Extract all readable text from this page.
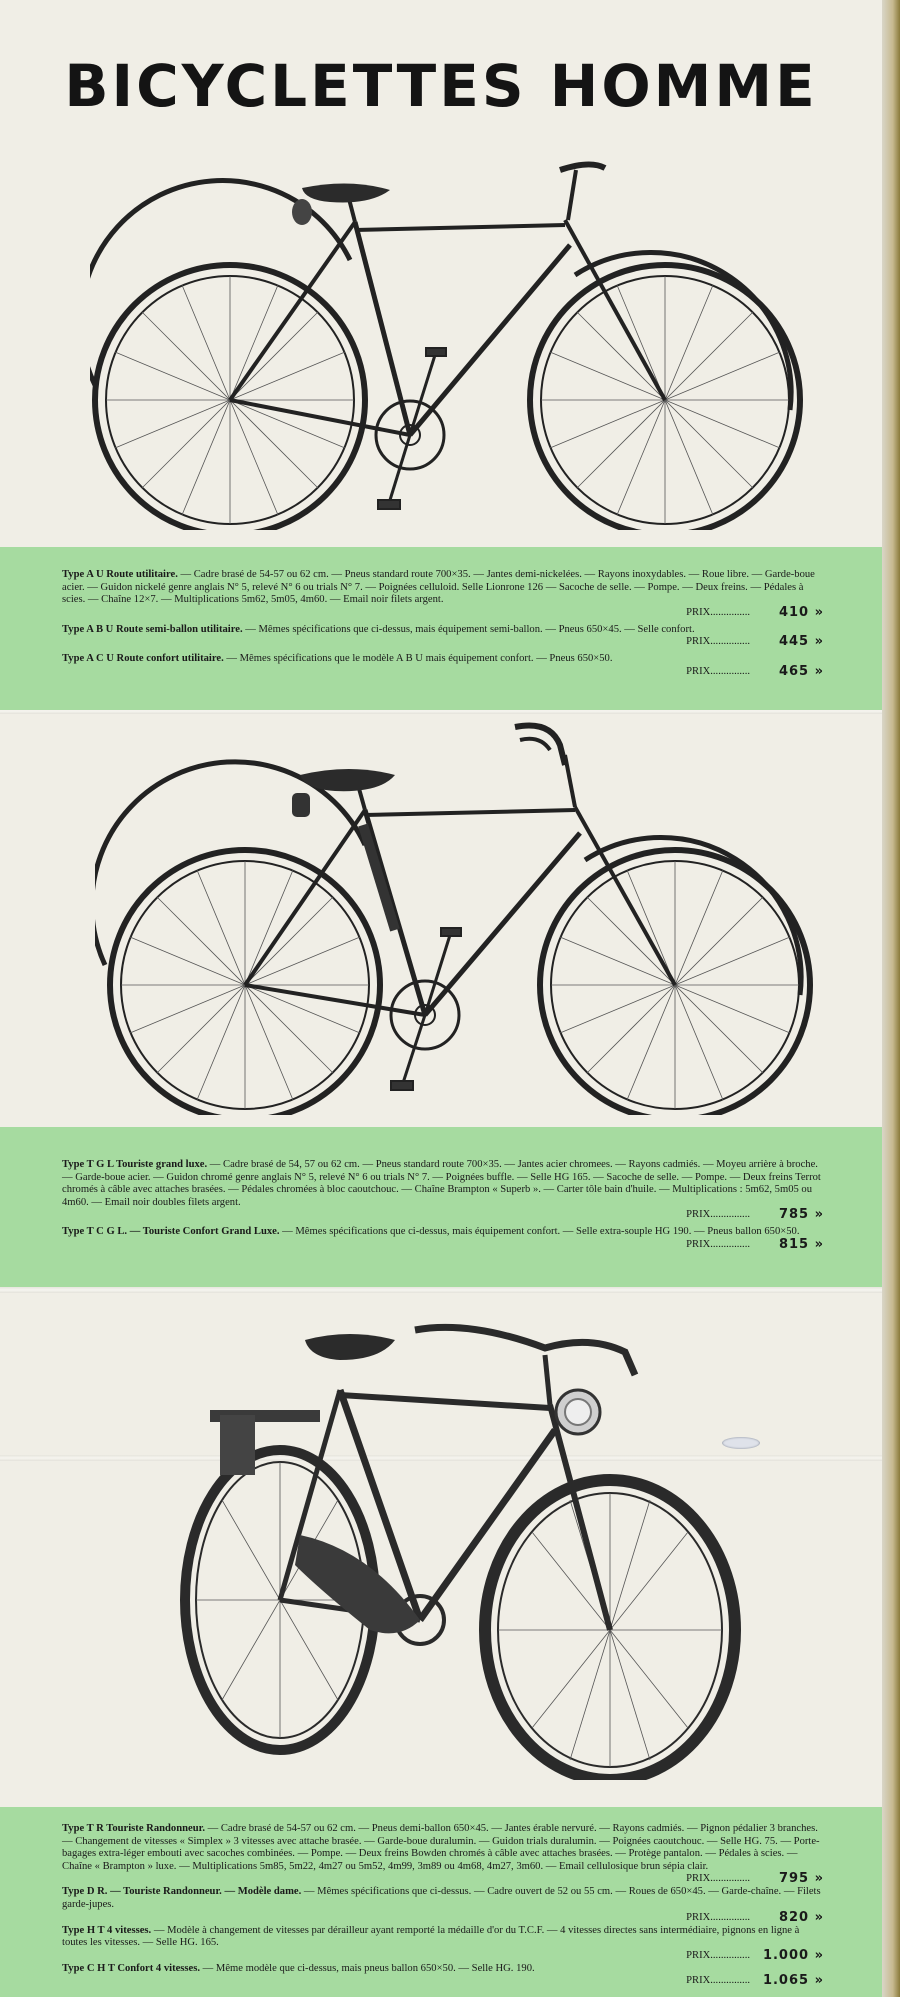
BICYCLETTES HOMME

Type A U Route utilitaire. — Cadre brasé de 54-57 ou 62 cm. — Pneus standard route 700×35. — Jantes demi-nickelées. — Rayons inoxydables. — Roue libre. — Garde-boue acier. — Guidon nickelé genre anglais N° 5, relevé N° 6 ou trials N° 7. — Poignées celluloid. Selle Lionrone 126 — Sacoche de selle. — Pompe. — Deux freins. — Pédales à scies. — Chaîne 12×7. — Multiplications 5m62, 5m05, 4m60. — Email noir filets argent.

PRIX............... 410 »

Type A B U Route semi-ballon utilitaire. — Mêmes spécifications que ci-dessus, mais équipement semi-ballon. — Pneus 650×45. — Selle confort.

PRIX............... 445 »

Type A C U Route confort utilitaire. — Mêmes spécifications que le modèle A B U mais équipement confort. — Pneus 650×50.

PRIX............... 465 »

Type T G L Touriste grand luxe. — Cadre brasé de 54, 57 ou 62 cm. — Pneus standard route 700×35. — Jantes acier chromees. — Rayons cadmiés. — Moyeu arrière à broche. — Garde-boue acier. — Guidon chromé genre anglais N° 5, relevé N° 6 ou trials N° 7. — Poignées buffle. — Selle HG 165. — Sacoche de selle. — Pompe. — Deux freins Terrot chromés à câble avec attaches brasées. — Pédales chromées à bloc caoutchouc. — Chaîne Brampton « Superb ». — Carter tôle bain d'huile. — Multiplications : 5m62, 5m05 ou 4m60. — Email noir doubles filets argent.

PRIX............... 785 »

Type T C G L. — Touriste Confort Grand Luxe. — Mêmes spécifications que ci-dessus, mais équipement confort. — Selle extra-souple HG 190. — Pneus ballon 650×50.

PRIX............... 815 »

Type T R Touriste Randonneur. — Cadre brasé de 54-57 ou 62 cm. — Pneus demi-ballon 650×45. — Jantes érable nervuré. — Rayons cadmiés. — Pignon pédalier 3 branches. — Changement de vitesses « Simplex » 3 vitesses avec attache brasée. — Garde-boue duralumin. — Guidon trials duralumin. — Poignées caoutchouc. — Selle HG. 75. — Porte-bagages extra-léger embouti avec sacoches combinées. — Pompe. — Deux freins Bowden chromés à câble avec attaches brasées. — Protège pantalon. — Pédales à scies. — Chaîne « Brampton » luxe. — Multiplications 5m85, 5m22, 4m27 ou 5m52, 4m99, 3m89 ou 4m68, 4m27, 3m60. — Email cellulosique brun sépia clair.

PRIX............... 795 »

Type D R. — Touriste Randonneur. — Modèle dame. — Mêmes spécifications que ci-dessus. — Cadre ouvert de 52 ou 55 cm. — Roues de 650×45. — Garde-chaîne. — Filets garde-jupes.

PRIX............... 820 »

Type H T 4 vitesses. — Modèle à changement de vitesses par dérailleur ayant remporté la médaille d'or du T.C.F. — 4 vitesses directes sans intermédiaire, pignons en ligne à toutes les vitesses. — Selle HG. 165.

PRIX............... 1.000 »

Type C H T Confort 4 vitesses. — Même modèle que ci-dessus, mais pneus ballon 650×50. — Selle HG. 190.

PRIX............... 1.065 »
